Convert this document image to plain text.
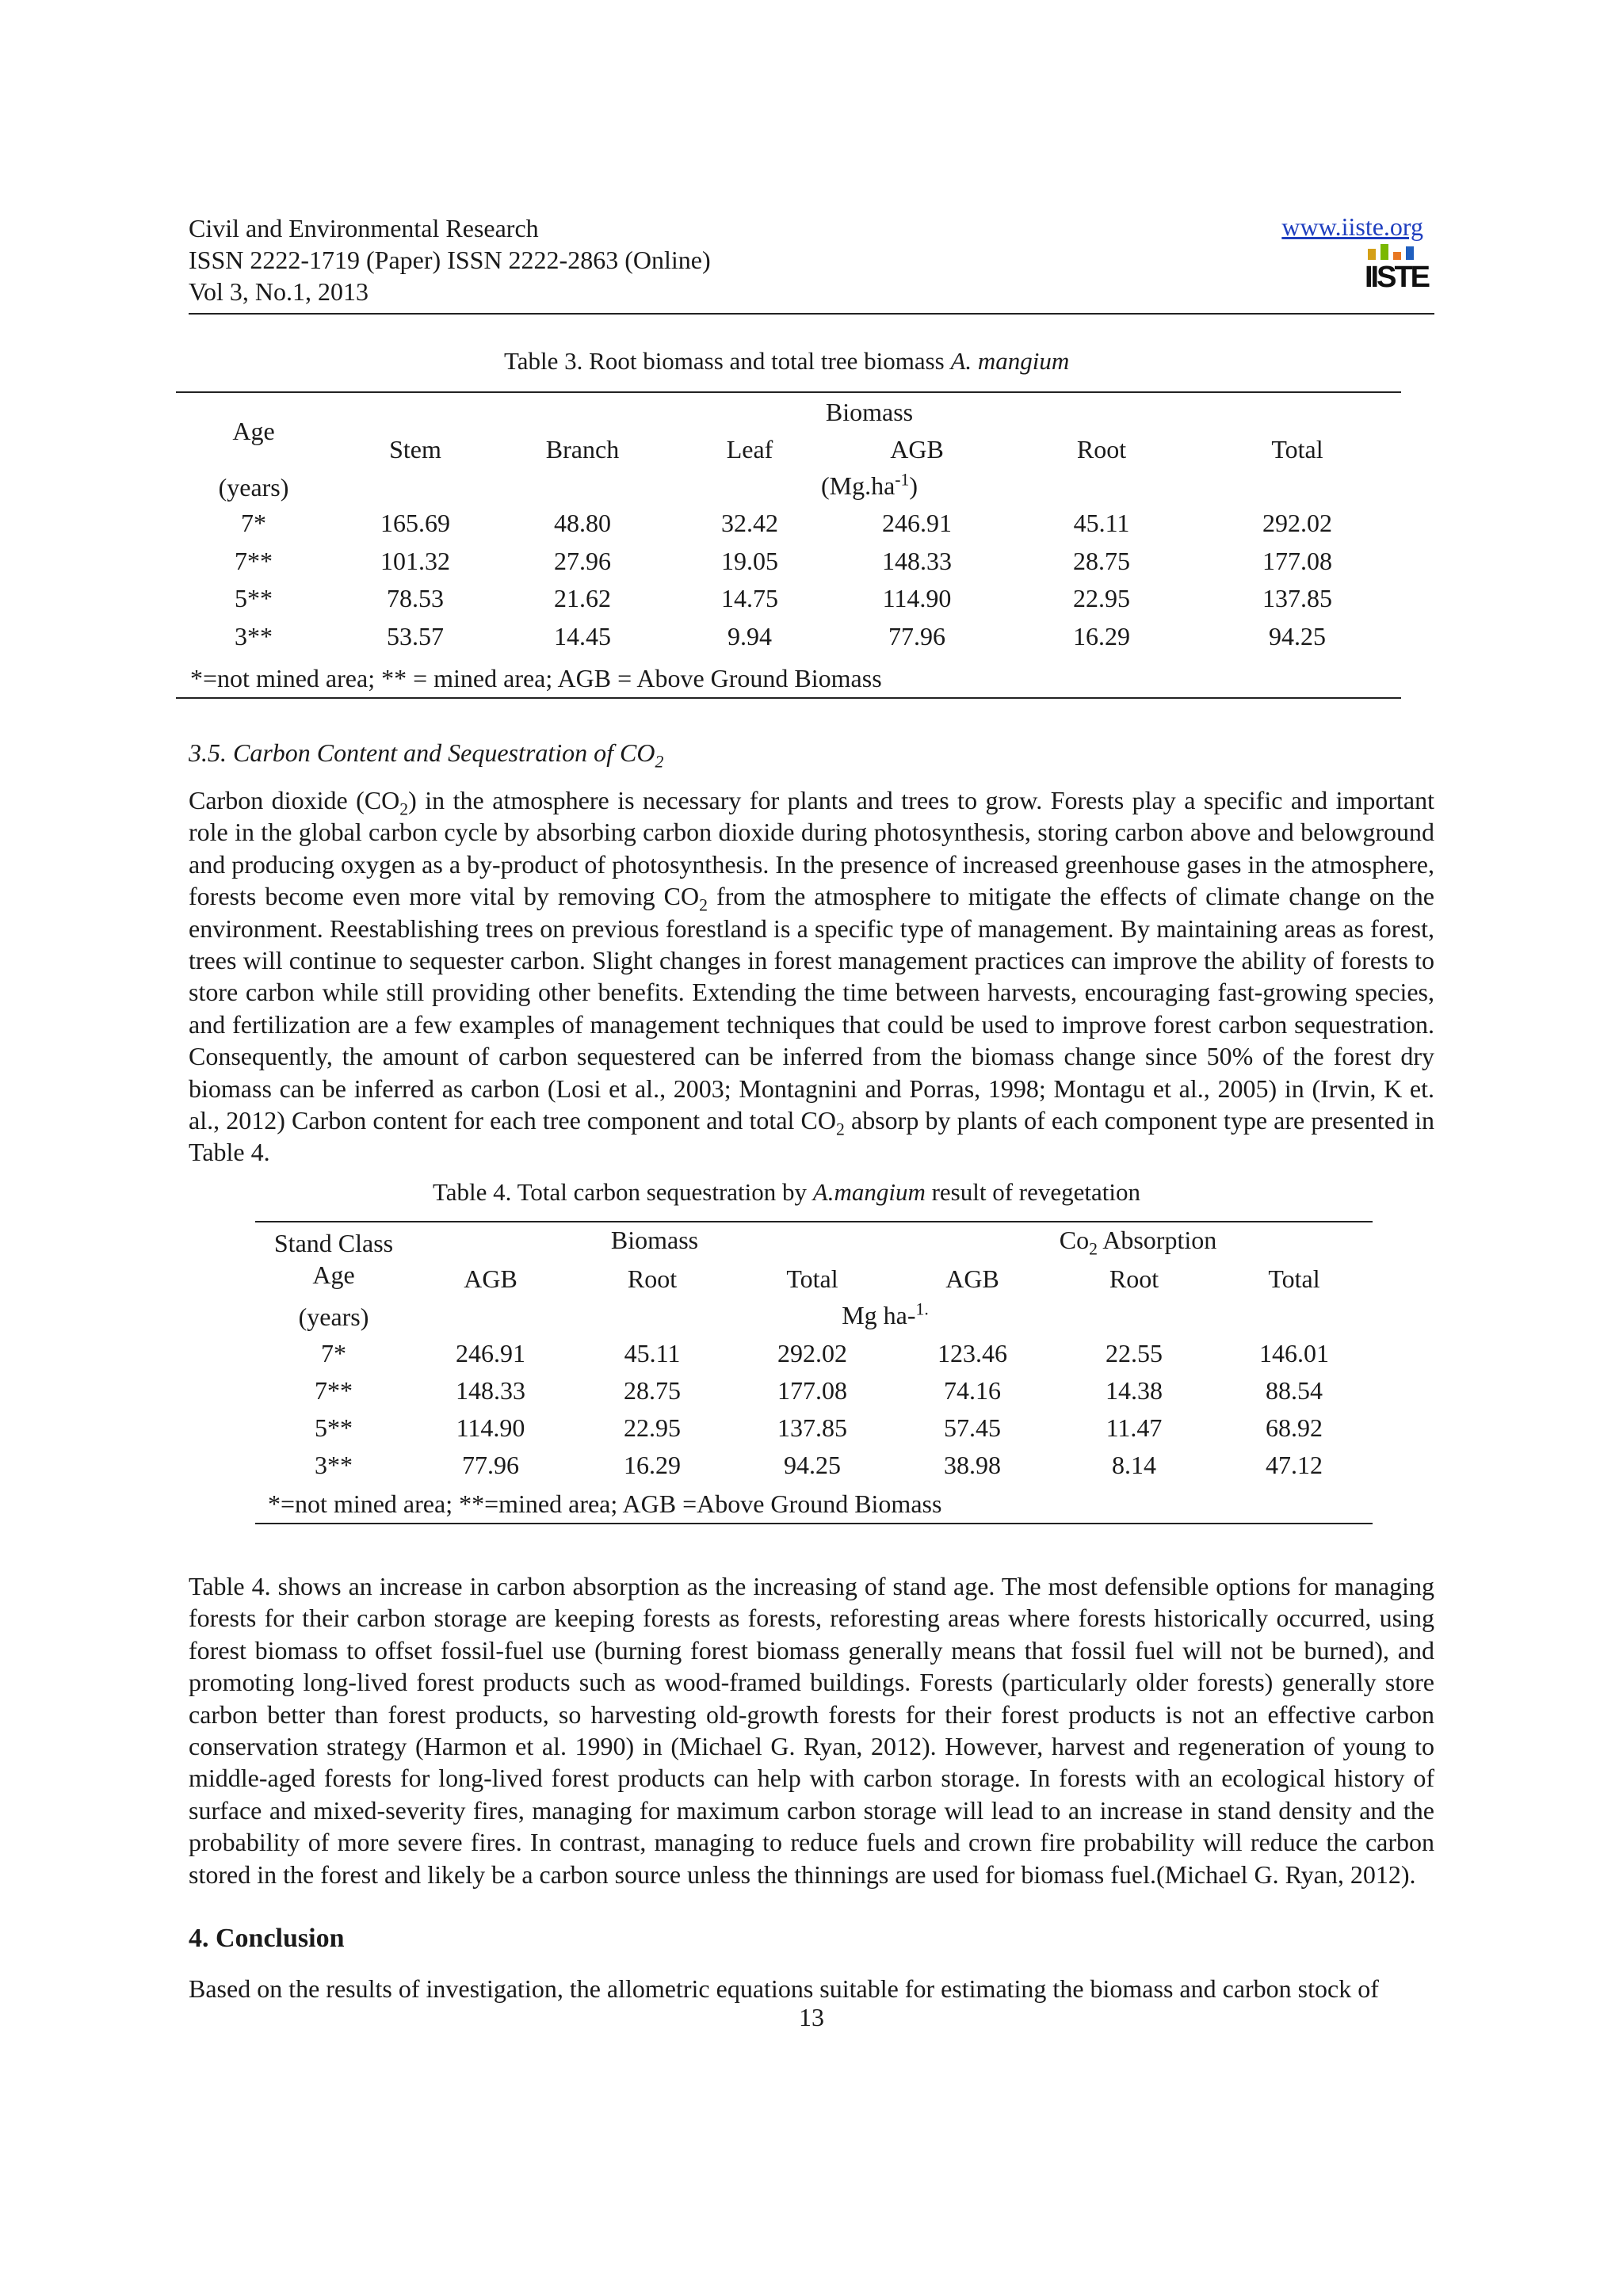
Civil and Environmental Research
ISSN 2222-1719 (Paper) ISSN 2222-2863 (Online)
Vol 3, No.1, 2013
www.iiste.org
IISTE
Table 3. Root biomass and total tree biomass A. mangium
Age
(years)
Biomass
$(Mg.ha^{-1})$
Stem	Branch	Leaf	AGB	Root	Total
7*	165.69	48.80	32.42	246.91	45.11	292.02
7**	101.32	27.96	19.05	148.33	28.75	177.08
5**	78.53	21.62	14.75	114.90	22.95	137.85
3**	53.57	14.45	9.94	77.96	16.29	94.25
*=not mined area; ** = mined area; AGB = Above Ground Biomass
3.5. Carbon Content and Sequestration of $CO_2$
Carbon dioxide $(CO_2)$ in the atmosphere is necessary for plants and trees to grow. Forests play a specific and important role in the global carbon cycle by absorbing carbon dioxide during photosynthesis, storing carbon above and belowground and producing oxygen as a by-product of photosynthesis. In the presence of increased greenhouse gases in the atmosphere, forests become even more vital by removing $CO_2$ from the atmosphere to mitigate the effects of climate change on the environment. Reestablishing trees on previous forestland is a specific type of management. By maintaining areas as forest, trees will continue to sequester carbon. Slight changes in forest management practices can improve the ability of forests to store carbon while still providing other benefits. Extending the time between harvests, encouraging fast-growing species, and fertilization are a few examples of management techniques that could be used to improve forest carbon sequestration. Consequently, the amount of carbon sequestered can be inferred from the biomass change since 50% of the forest dry biomass can be inferred as carbon (Losi et al., 2003; Montagnini and Porras, 1998; Montagu et al., 2005) in (Irvin, K et. al., 2012) Carbon content for each tree component and total $CO_2$ absorp by plants of each component type are presented in Table 4.
Table 4. Total carbon sequestration by A.mangium result of revegetation
Stand Class
Age
(years)
Biomass	$Co_2$ Absorption
Mg ha-$^{1.}$
AGB	Root	Total	AGB	Root	Total
7*	246.91	45.11	292.02	123.46	22.55	146.01
7**	148.33	28.75	177.08	74.16	14.38	88.54
5**	114.90	22.95	137.85	57.45	11.47	68.92
3**	77.96	16.29	94.25	38.98	8.14	47.12
*=not mined area; **=mined area; AGB =Above Ground Biomass
Table 4. shows an increase in carbon absorption as the increasing of stand age. The most defensible options for managing forests for their carbon storage are keeping forests as forests, reforesting areas where forests historically occurred, using forest biomass to offset fossil-fuel use (burning forest biomass generally means that fossil fuel will not be burned), and promoting long-lived forest products such as wood-framed buildings. Forests (particularly older forests) generally store carbon better than forest products, so harvesting old-growth forests for their forest products is not an effective carbon conservation strategy (Harmon et al. 1990) in (Michael G. Ryan, 2012). However, harvest and regeneration of young to middle-aged forests for long-lived forest products can help with carbon storage. In forests with an ecological history of surface and mixed-severity fires, managing for maximum carbon storage will lead to an increase in stand density and the probability of more severe fires. In contrast, managing to reduce fuels and crown fire probability will reduce the carbon stored in the forest and likely be a carbon source unless the thinnings are used for biomass fuel.(Michael G. Ryan, 2012).
4. Conclusion
Based on the results of investigation, the allometric equations suitable for estimating the biomass and carbon stock of
13
